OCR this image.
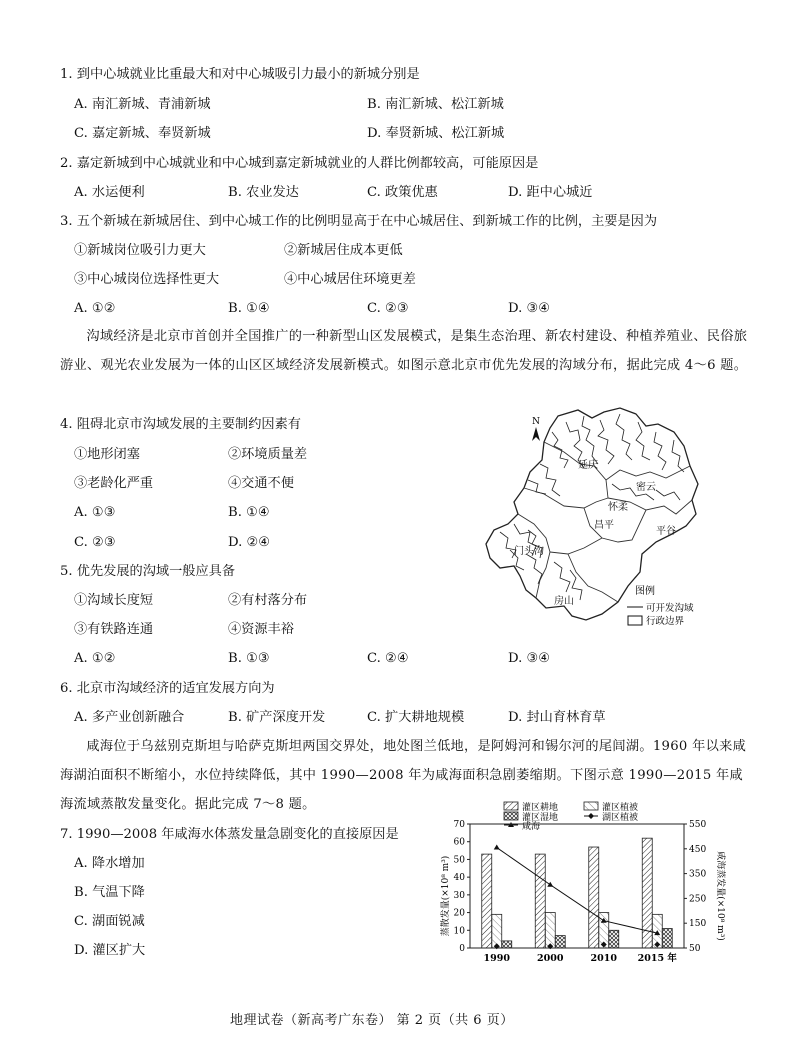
1. 到中心城就业比重最大和对中心城吸引力最小的新城分别是
A. 南汇新城、青浦新城	B. 南汇新城、松江新城
C. 嘉定新城、奉贤新城	D. 奉贤新城、松江新城
2. 嘉定新城到中心城就业和中心城到嘉定新城就业的人群比例都较高，可能原因是
A. 水运便利	B. 农业发达	C. 政策优惠	D. 距中心城近
3. 五个新城在新城居住、到中心城工作的比例明显高于在中心城居住、到新城工作的比例，主要是因为
①新城岗位吸引力更大	②新城居住成本更低
③中心城岗位选择性更大	④中心城居住环境更差
A. ①②	B. ①④	C. ②③	D. ③④
沟域经济是北京市首创并全国推广的一种新型山区发展模式，是集生态治理、新农村建设、种植养殖业、民俗旅游业、观光农业发展为一体的山区区域经济发展新模式。如图示意北京市优先发展的沟域分布，据此完成 4～6 题。
4. 阻碍北京市沟域发展的主要制约因素有
①地形闭塞	②环境质量差
③老龄化严重	④交通不便
A. ①③	B. ①④
C. ②③	D. ②④
N
延庆
密云
怀柔
昌平
平谷
门头沟
房山
图例
可开发沟域
行政边界
5. 优先发展的沟域一般应具备
①沟域长度短	②有村落分布
③有铁路连通	④资源丰裕
A. ①②	B. ①③	C. ②④	D. ③④
6. 北京市沟域经济的适宜发展方向为
A. 多产业创新融合	B. 矿产深度开发	C. 扩大耕地规模	D. 封山育林育草
咸海位于乌兹别克斯坦与哈萨克斯坦两国交界处，地处图兰低地，是阿姆河和锡尔河的尾闾湖。1960 年以来咸海湖泊面积不断缩小，水位持续降低，其中 1990—2008 年为咸海面积急剧萎缩期。下图示意 1990—2015 年咸海流域蒸散发量变化。据此完成 7～8 题。
7. 1990—2008 年咸海水体蒸发量急剧变化的直接原因是
A. 降水增加
B. 气温下降
C. 湖面锐减
D. 灌区扩大
灌区耕地	灌区植被
灌区湿地	湖区植被
咸海
蒸散发量(×10⁸ m³)	咸海蒸发量(×10⁸ m³)
0
10
20
30
40
50
60
70
50
150
250
350
450
550
1990	2000	2010 2015 年
地理试卷（新高考广东卷） 第 2 页（共 6 页）
